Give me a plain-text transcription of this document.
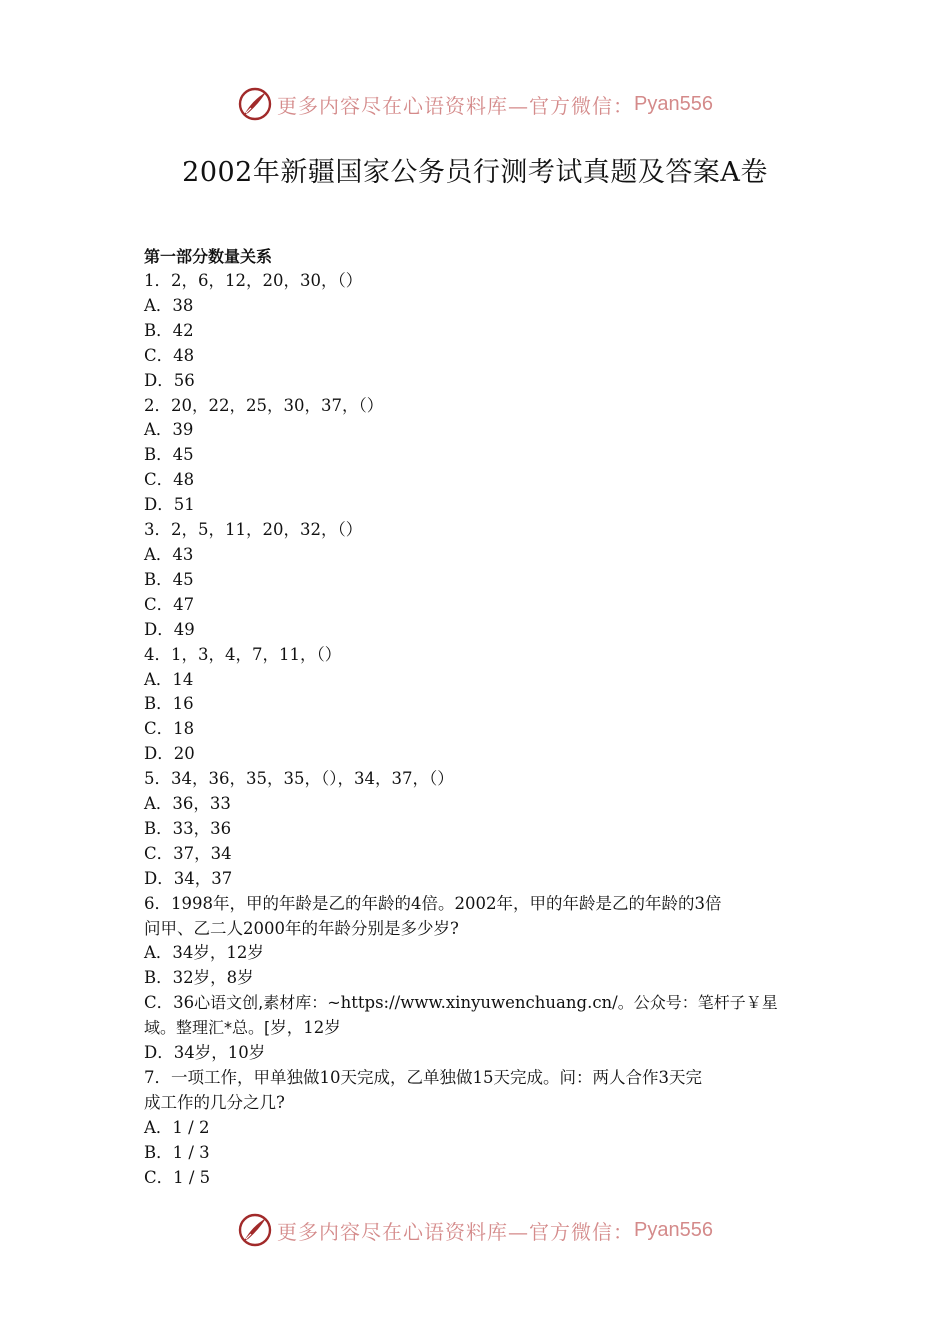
更多内容尽在心语资料库—官方微信： Pyan556
2002年新疆国家公务员行测考试真题及答案A卷
第一部分数量关系
1．2，6，12，20，30，（）
A．38
B．42
C．48
D．56
2．20，22，25，30，37，（）
A．39
B．45
C．48
D．51
3．2，5，11，20，32，（）
A．43
B．45
C．47
D．49
4．1，3，4，7，11，（）
A．14
B．16
C．18
D．20
5．34，36，35，35，（），34，37，（）
A．36，33
B．33，36
C．37，34
D．34，37
6．1998年，甲的年龄是乙的年龄的4倍。2002年，甲的年龄是乙的年龄的3倍
问甲、乙二人2000年的年龄分别是多少岁?
A．34岁，12岁
B．32岁，8岁
C．36心语文创,素材库：~https://www.xinyuwenchuang.cn/。公众号：笔杆子￥星
域。整理汇*总。[岁，12岁
D．34岁，10岁
7．一项工作，甲单独做10天完成，乙单独做15天完成。问：两人合作3天完
成工作的几分之几?
A．1 / 2
B．1 / 3
C．1 / 5
更多内容尽在心语资料库—官方微信： Pyan556
